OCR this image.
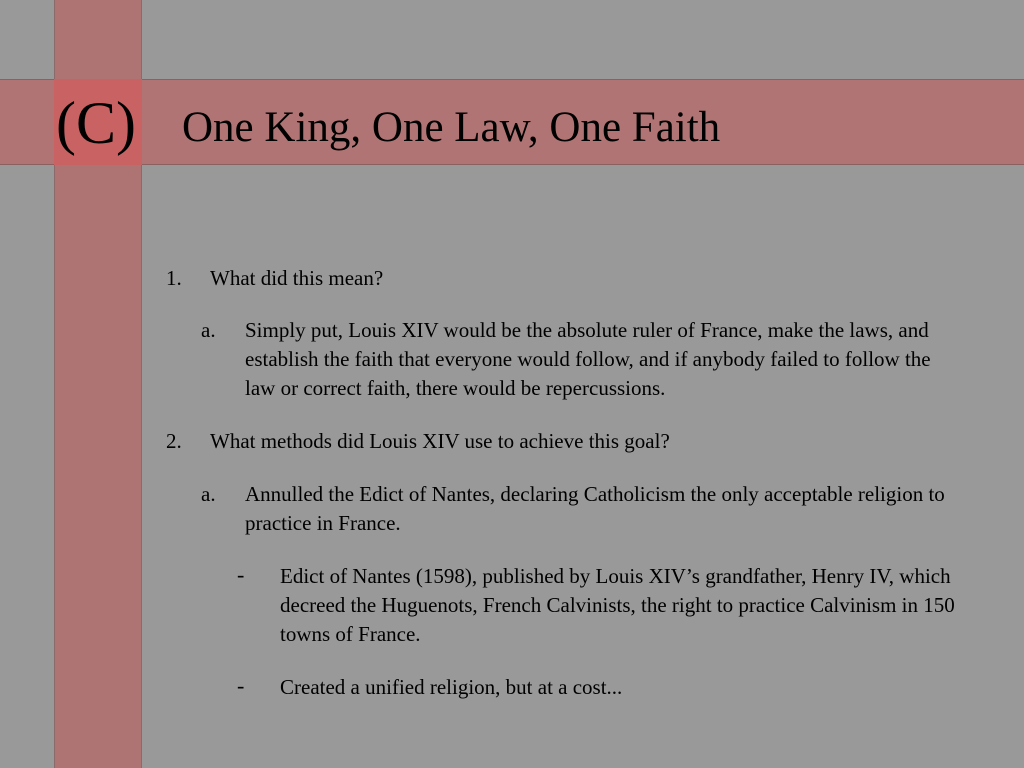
(C) One King, One Law, One Faith
1. What did this mean?
a. Simply put, Louis XIV would be the absolute ruler of France, make the laws, and establish the faith that everyone would follow, and if anybody failed to follow the law or correct faith, there would be repercussions.
2. What methods did Louis XIV use to achieve this goal?
a. Annulled the Edict of Nantes, declaring Catholicism the only acceptable religion to practice in France.
- Edict of Nantes (1598), published by Louis XIV’s grandfather, Henry IV, which decreed the Huguenots, French Calvinists, the right to practice Calvinism in 150 towns of France.
- Created a unified religion, but at a cost...
